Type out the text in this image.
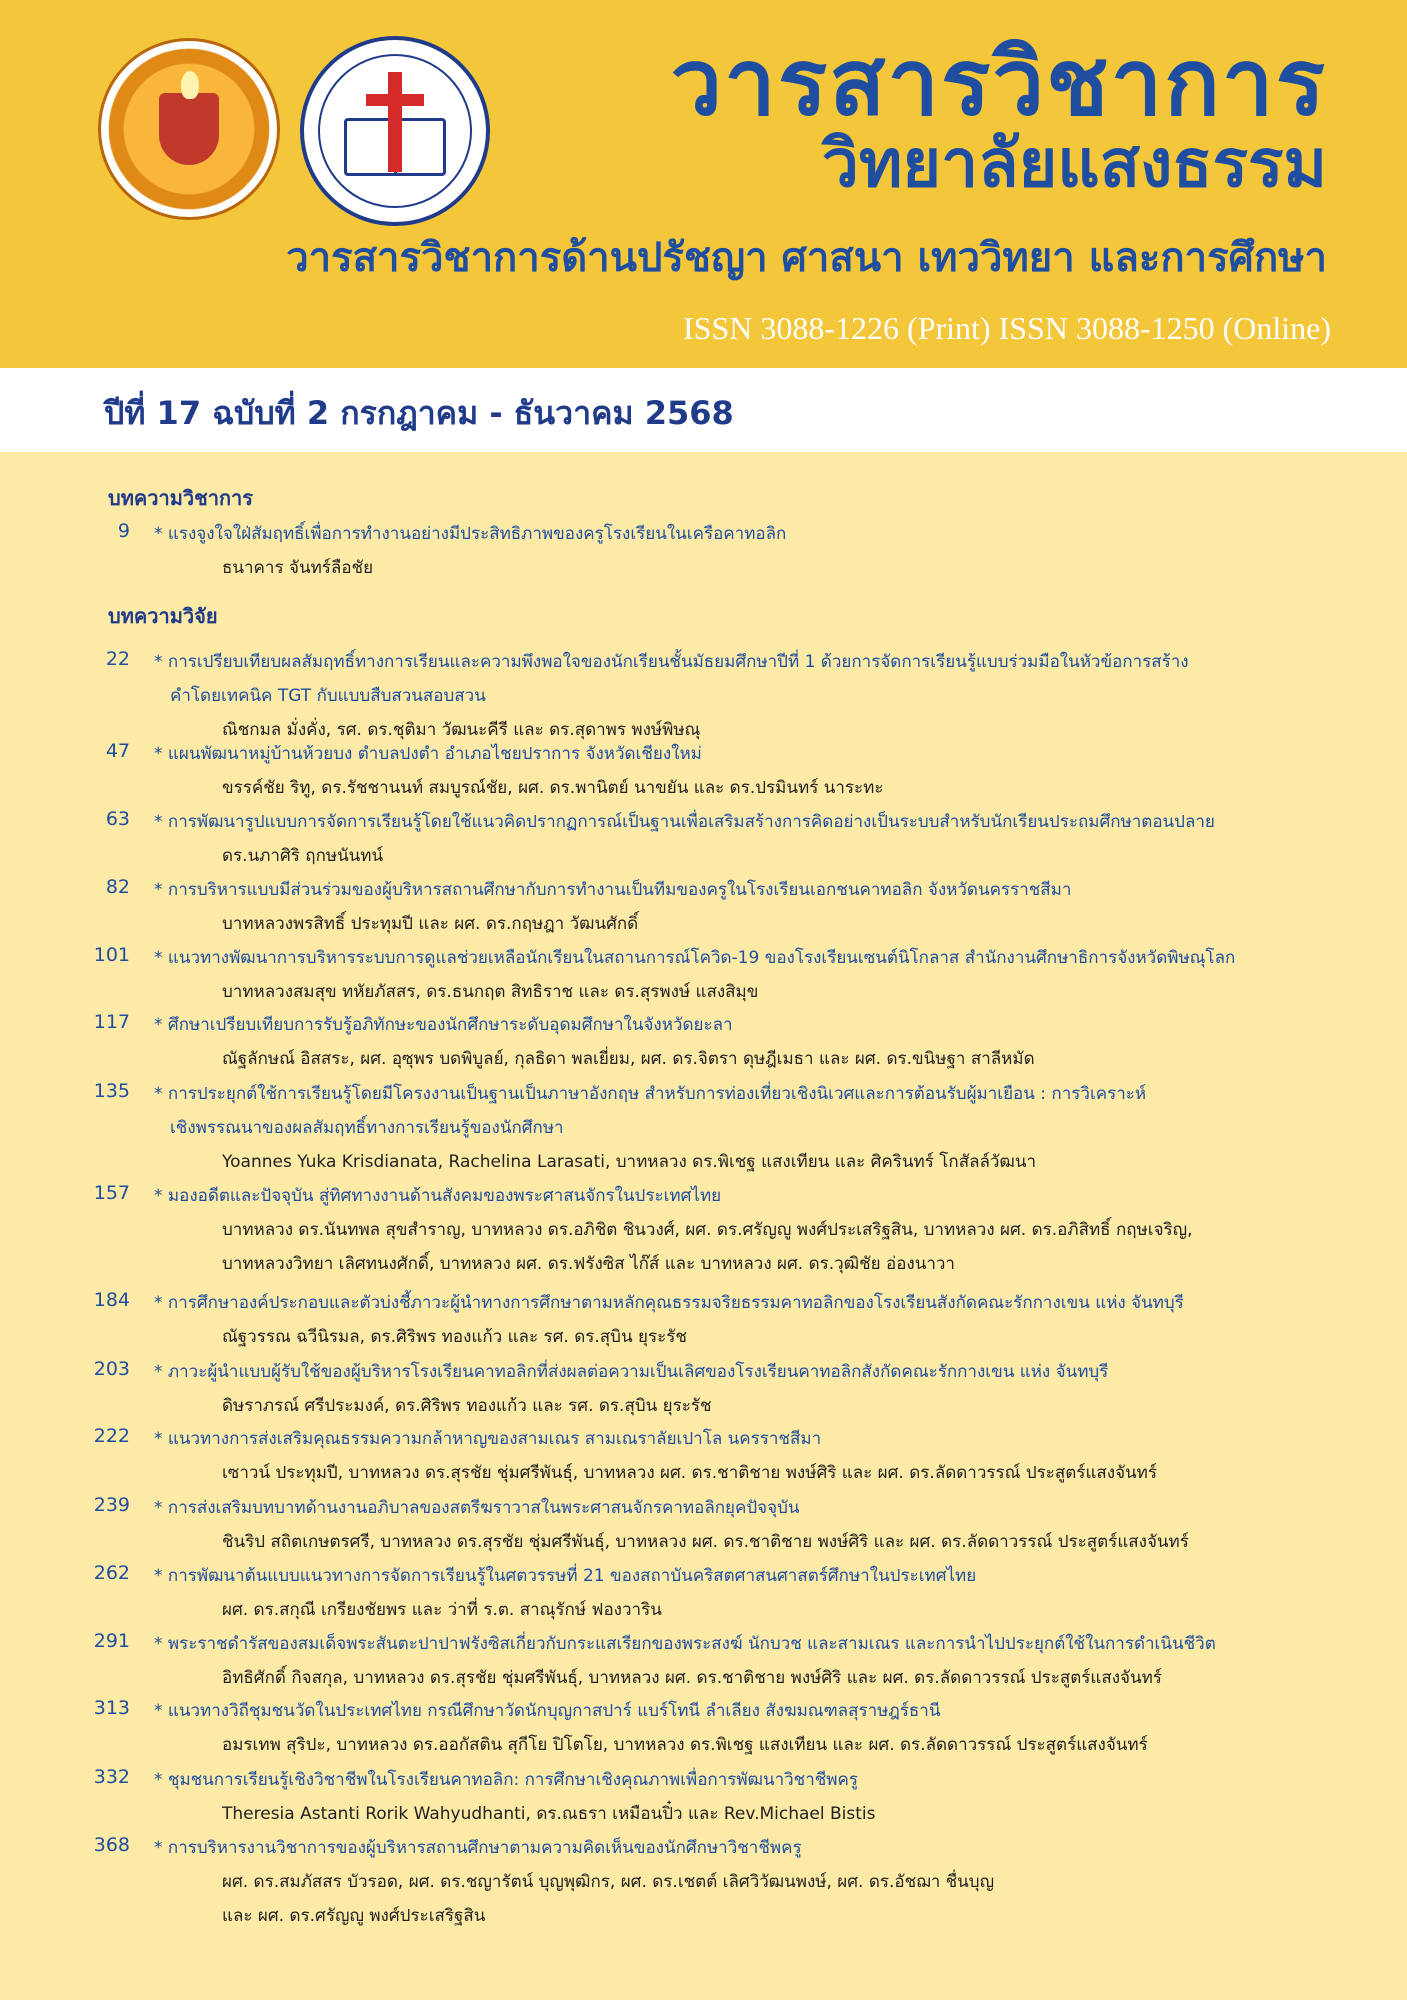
วารสารวิชาการ
วิทยาลัยแสงธรรม
วารสารวิชาการด้านปรัชญา ศาสนา เทววิทยา และการศึกษา
ISSN 3088-1226 (Print) ISSN 3088-1250 (Online)
ปีที่ 17 ฉบับที่ 2 กรกฎาคม - ธันวาคม 2568
บทความวิชาการ
บทความวิจัย
9 * แรงจูงใจใฝ่สัมฤทธิ์เพื่อการทำงานอย่างมีประสิทธิภาพของครูโรงเรียนในเครือคาทอลิก
ธนาคาร จันทร์ลือชัย
22 * การเปรียบเทียบผลสัมฤทธิ์ทางการเรียนและความพึงพอใจของนักเรียนชั้นมัธยมศึกษาปีที่ 1 ด้วยการจัดการเรียนรู้แบบร่วมมือในหัวข้อการสร้าง
คำโดยเทคนิค TGT กับแบบสืบสวนสอบสวน
ณิชกมล มั่งคั่ง, รศ. ดร.ชุติมา วัฒนะคีรี และ ดร.สุดาพร พงษ์พิษณุ
47 * แผนพัฒนาหมู่บ้านห้วยบง ตำบลปงตำ อำเภอไชยปราการ จังหวัดเชียงใหม่
ขรรค์ชัย ริทู, ดร.รัชชานนท์ สมบูรณ์ชัย, ผศ. ดร.พานิตย์ นาขยัน และ ดร.ปรมินทร์ นาระทะ
63 * การพัฒนารูปแบบการจัดการเรียนรู้โดยใช้แนวคิดปรากฏการณ์เป็นฐานเพื่อเสริมสร้างการคิดอย่างเป็นระบบสำหรับนักเรียนประถมศึกษาตอนปลาย
ดร.นภาศิริ ฤกษนันทน์
82 * การบริหารแบบมีส่วนร่วมของผู้บริหารสถานศึกษากับการทำงานเป็นทีมของครูในโรงเรียนเอกชนคาทอลิก จังหวัดนครราชสีมา
บาทหลวงพรสิทธิ์ ประทุมปี และ ผศ. ดร.กฤษฎา วัฒนศักดิ์
101 * แนวทางพัฒนาการบริหารระบบการดูแลช่วยเหลือนักเรียนในสถานการณ์โควิด-19 ของโรงเรียนเซนต์นิโกลาส สำนักงานศึกษาธิการจังหวัดพิษณุโลก
บาทหลวงสมสุข ทหัยภัสสร, ดร.ธนกฤต สิทธิราช และ ดร.สุรพงษ์ แสงสิมุข
117 * ศึกษาเปรียบเทียบการรับรู้อภิทักษะของนักศึกษาระดับอุดมศึกษาในจังหวัดยะลา
ณัฐลักษณ์ อิสสระ, ผศ. อุซุพร บดพิบูลย์, กุลธิดา พลเยี่ยม, ผศ. ดร.จิตรา ดุษฎีเมธา และ ผศ. ดร.ขนิษฐา สาลีหมัด
135 * การประยุกต์ใช้การเรียนรู้โดยมีโครงงานเป็นฐานเป็นภาษาอังกฤษ สำหรับการท่องเที่ยวเชิงนิเวศและการต้อนรับผู้มาเยือน : การวิเคราะห์
เชิงพรรณนาของผลสัมฤทธิ์ทางการเรียนรู้ของนักศึกษา
Yoannes Yuka Krisdianata, Rachelina Larasati, บาทหลวง ดร.พิเชฐ แสงเทียน และ ศิครินทร์ โกสัลล์วัฒนา
157 * มองอดีตและปัจจุบัน สู่ทิศทางงานด้านสังคมของพระศาสนจักรในประเทศไทย
บาทหลวง ดร.นันทพล สุขสำราญ, บาทหลวง ดร.อภิชิต ชินวงศ์, ผศ. ดร.ศรัญญู พงศ์ประเสริฐสิน, บาทหลวง ผศ. ดร.อภิสิทธิ์ กฤษเจริญ,
บาทหลวงวิทยา เลิศทนงศักดิ์, บาทหลวง ผศ. ดร.ฟรังซิส ไก๊ส์ และ บาทหลวง ผศ. ดร.วุฒิชัย อ่องนาวา
184 * การศึกษาองค์ประกอบและตัวบ่งชี้ภาวะผู้นำทางการศึกษาตามหลักคุณธรรมจริยธรรมคาทอลิกของโรงเรียนสังกัดคณะรักกางเขน แห่ง จันทบุรี
ณัฐวรรณ ฉวีนิรมล, ดร.ศิริพร ทองแก้ว และ รศ. ดร.สุบิน ยุระรัช
203 * ภาวะผู้นำแบบผู้รับใช้ของผู้บริหารโรงเรียนคาทอลิกที่ส่งผลต่อความเป็นเลิศของโรงเรียนคาทอลิกสังกัดคณะรักกางเขน แห่ง จันทบุรี
ดิษราภรณ์ ศรีประมงค์, ดร.ศิริพร ทองแก้ว และ รศ. ดร.สุบิน ยุระรัช
222 * แนวทางการส่งเสริมคุณธรรมความกล้าหาญของสามเณร สามเณราลัยเปาโล นครราชสีมา
เซาวน์ ประทุมปี, บาทหลวง ดร.สุรชัย ชุ่มศรีพันธุ์, บาทหลวง ผศ. ดร.ชาติชาย พงษ์ศิริ และ ผศ. ดร.ลัดดาวรรณ์ ประสูตร์แสงจันทร์
239 * การส่งเสริมบทบาทด้านงานอภิบาลของสตรีฆราวาสในพระศาสนจักรคาทอลิกยุคปัจจุบัน
ชินริป สถิตเกษตรศรี, บาทหลวง ดร.สุรชัย ชุ่มศรีพันธุ์, บาทหลวง ผศ. ดร.ชาติชาย พงษ์ศิริ และ ผศ. ดร.ลัดดาวรรณ์ ประสูตร์แสงจันทร์
262 * การพัฒนาต้นแบบแนวทางการจัดการเรียนรู้ในศตวรรษที่ 21 ของสถาบันคริสตศาสนศาสตร์ศึกษาในประเทศไทย
ผศ. ดร.สกุณี เกรียงชัยพร และ ว่าที่ ร.ต. สาณุรักษ์ ฟองวาริน
291 * พระราชดำรัสของสมเด็จพระสันตะปาปาฟรังซิสเกี่ยวกับกระแสเรียกของพระสงฆ์ นักบวช และสามเณร และการนำไปประยุกต์ใช้ในการดำเนินชีวิต
อิทธิศักดิ์ กิจสกุล, บาทหลวง ดร.สุรชัย ชุ่มศรีพันธุ์, บาทหลวง ผศ. ดร.ชาติชาย พงษ์ศิริ และ ผศ. ดร.ลัดดาวรรณ์ ประสูตร์แสงจันทร์
313 * แนวทางวิถีชุมชนวัดในประเทศไทย กรณีศึกษาวัดนักบุญกาสปาร์ แบร์โทนี ลำเลียง สังฆมณฑลสุราษฎร์ธานี
อมรเทพ สุริปะ, บาทหลวง ดร.ออกัสติน สุกีโย ปิโตโย, บาทหลวง ดร.พิเชฐ แสงเทียน และ ผศ. ดร.ลัดดาวรรณ์ ประสูตร์แสงจันทร์
332 * ชุมชนการเรียนรู้เชิงวิชาชีพในโรงเรียนคาทอลิก: การศึกษาเชิงคุณภาพเพื่อการพัฒนาวิชาชีพครู
Theresia Astanti Rorik Wahyudhanti, ดร.ณธรา เหมือนปิ๋ว และ Rev.Michael Bistis
368 * การบริหารงานวิชาการของผู้บริหารสถานศึกษาตามความคิดเห็นของนักศึกษาวิชาชีพครู
ผศ. ดร.สมภัสสร บัวรอด, ผศ. ดร.ชญารัตน์ บุญพุฒิกร, ผศ. ดร.เชตต์ เลิศวิวัฒนพงษ์, ผศ. ดร.อัชฌา ชื่นบุญ
และ ผศ. ดร.ศรัญญู พงศ์ประเสริฐสิน
